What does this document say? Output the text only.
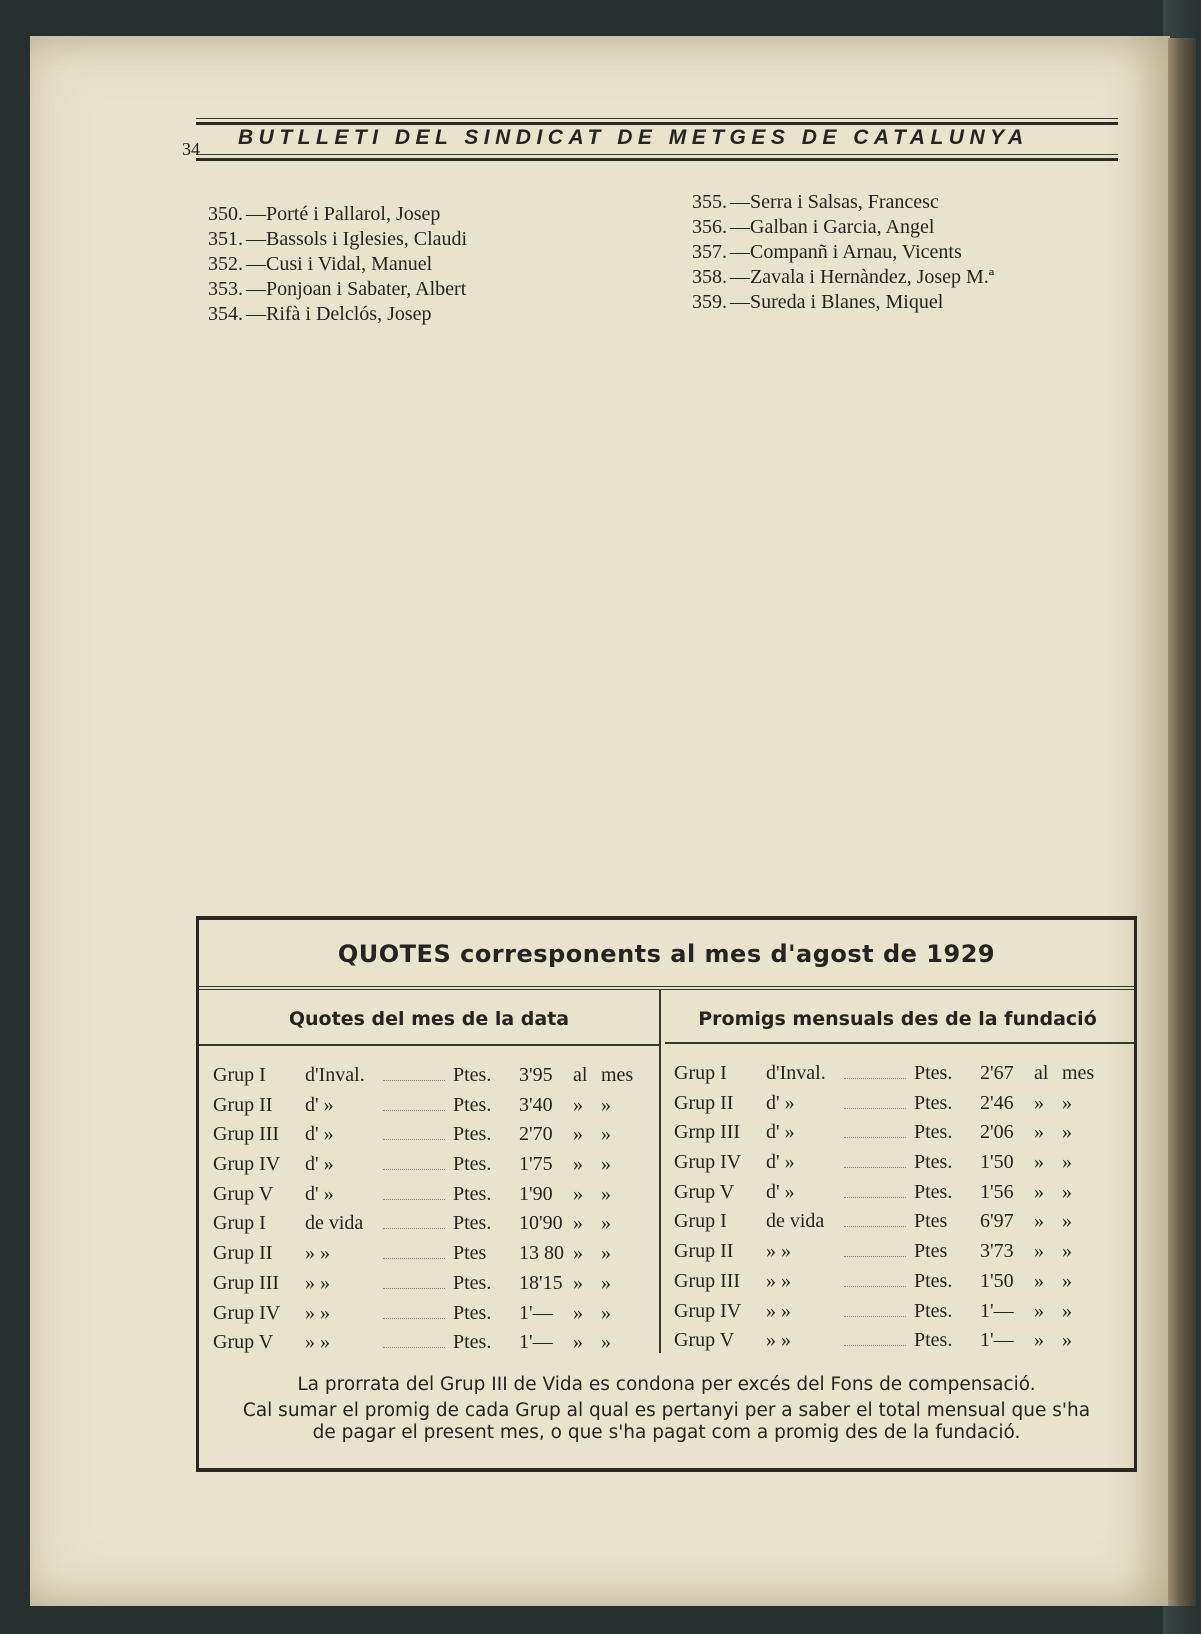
34 BUTLLETI DEL SINDICAT DE METGES DE CATALUNYA
350. —Porté i Pallarol, Josep
351. —Bassols i Iglesies, Claudi
352. —Cusi i Vidal, Manuel
353. —Ponjoan i Sabater, Albert
354. —Rifà i Delclós, Josep
355. —Serra i Salsas, Francesc
356. —Galban i Garcia, Angel
357. —Companñ i Arnau, Vicents
358. —Zavala i Hernàndez, Josep M.ª
359. —Sureda i Blanes, Miquel
QUOTES corresponents al mes d'agost de 1929
Quotes del mes de la data	Promigs mensuals des de la fundació
Grup I d'Inval.	Ptes. 3'95 al mes
Grup II d' »	Ptes. 3'40 » »
Grup III d' »	Ptes. 2'70 » »
Grup IV d' »	Ptes. 1'75 » »
Grup V d' »	Ptes. 1'90 » »
Grup I de vida	Ptes. 10'90 » »
Grup II » »	Ptes 13 80 » »
Grup III » »	Ptes. 18'15 » »
Grup IV » »	Ptes. 1'— » »
Grup V » »	Ptes. 1'— » »
Grup I d'Inval.	Ptes. 2'67 al mes
Grup II d' »	Ptes. 2'46 » »
Grnp III d' »	Ptes. 2'06 » »
Grup IV d' »	Ptes. 1'50 » »
Grup V d' »	Ptes. 1'56 » »
Grup I de vida	Ptes 6'97 » »
Grup II » »	Ptes 3'73 » »
Grup III » »	Ptes. 1'50 » »
Grup IV » »	Ptes. 1'— » »
Grup V » »	Ptes. 1'— » »
La prorrata del Grup III de Vida es condona per excés del Fons de compensació.
Cal sumar el promig de cada Grup al qual es pertanyi per a saber el total mensual que s'ha
de pagar el present mes, o que s'ha pagat com a promig des de la fundació.
